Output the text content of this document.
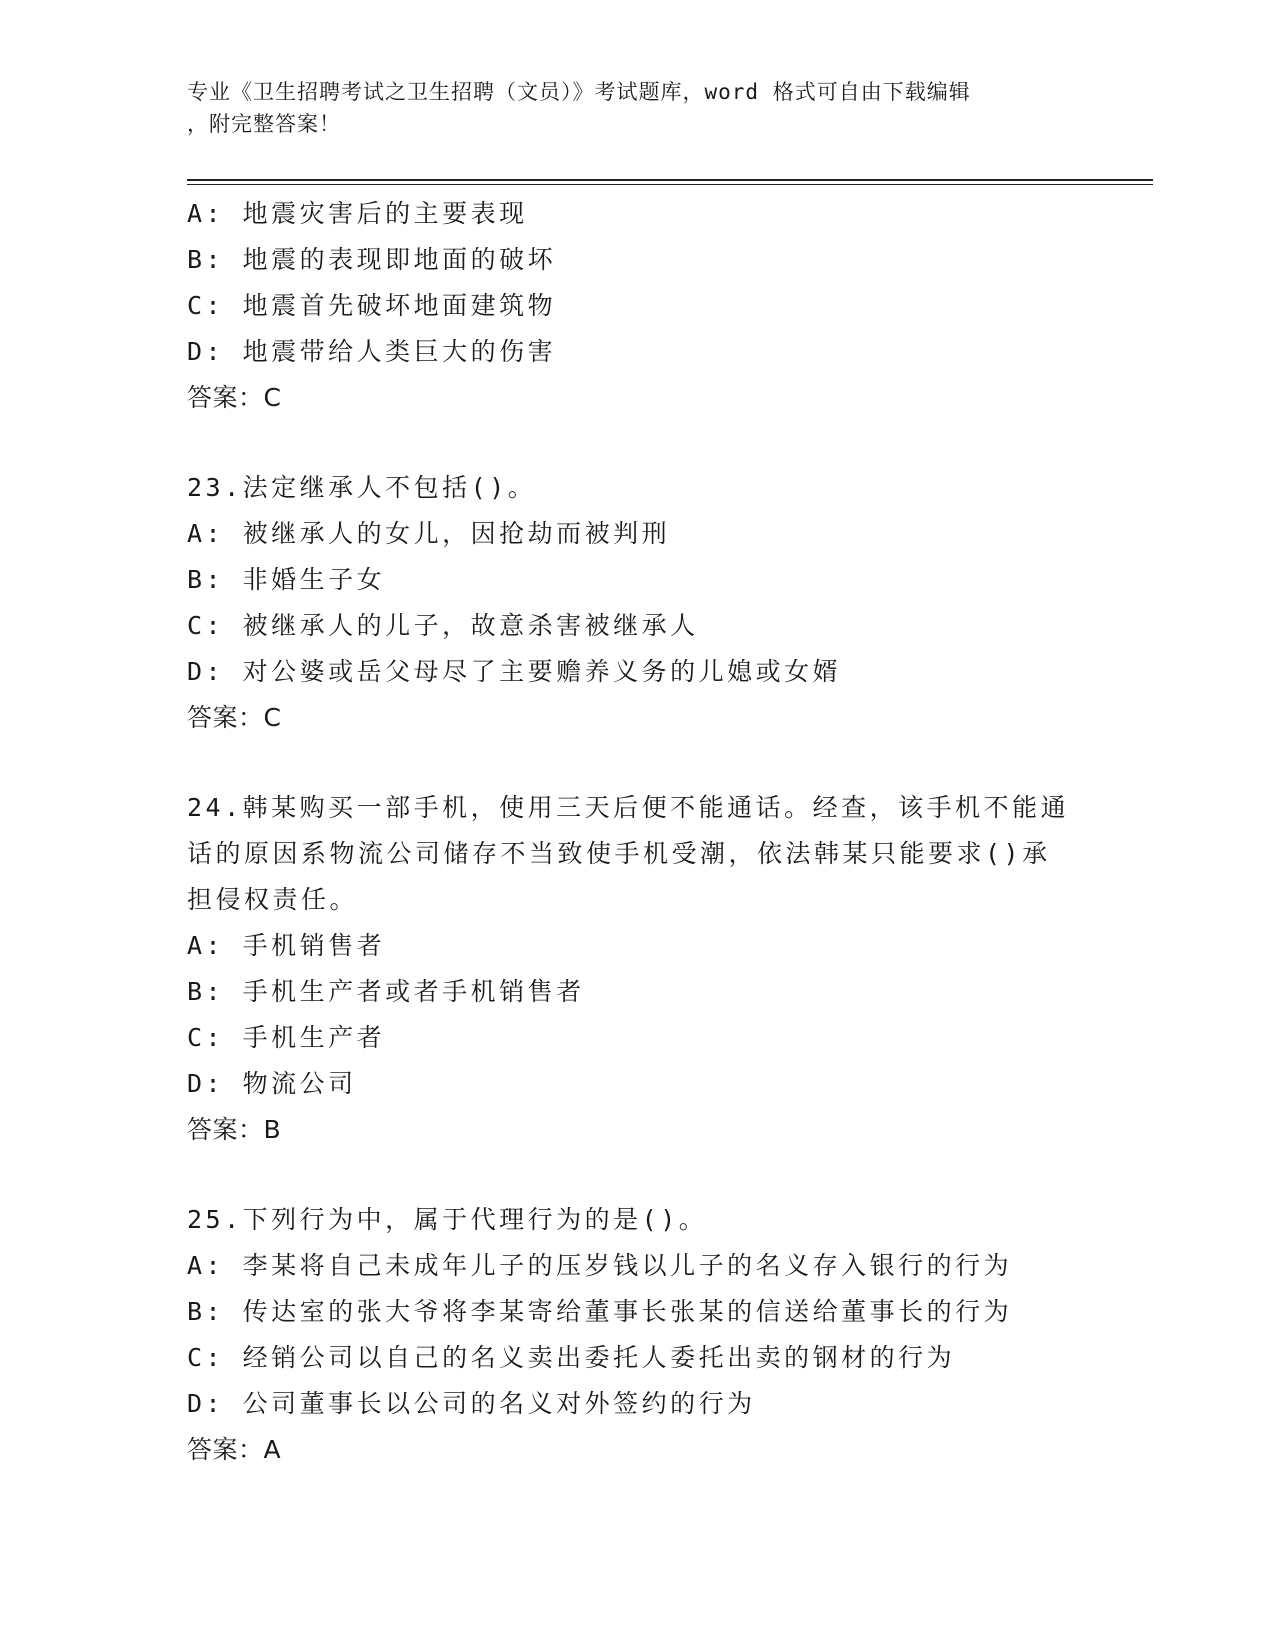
专业《卫生招聘考试之卫生招聘（文员）》考试题库，word 格式可自由下载编辑
，附完整答案！
A: 地震灾害后的主要表现
B: 地震的表现即地面的破坏
C: 地震首先破坏地面建筑物
D: 地震带给人类巨大的伤害
答案：C
23.法定继承人不包括()。
A: 被继承人的女儿，因抢劫而被判刑
B: 非婚生子女
C: 被继承人的儿子，故意杀害被继承人
D: 对公婆或岳父母尽了主要赡养义务的儿媳或女婿
答案：C
24.韩某购买一部手机，使用三天后便不能通话。经查，该手机不能通
话的原因系物流公司储存不当致使手机受潮，依法韩某只能要求()承
担侵权责任。
A: 手机销售者
B: 手机生产者或者手机销售者
C: 手机生产者
D: 物流公司
答案：B
25.下列行为中，属于代理行为的是()。
A: 李某将自己未成年儿子的压岁钱以儿子的名义存入银行的行为
B: 传达室的张大爷将李某寄给董事长张某的信送给董事长的行为
C: 经销公司以自己的名义卖出委托人委托出卖的钢材的行为
D: 公司董事长以公司的名义对外签约的行为
答案：A
